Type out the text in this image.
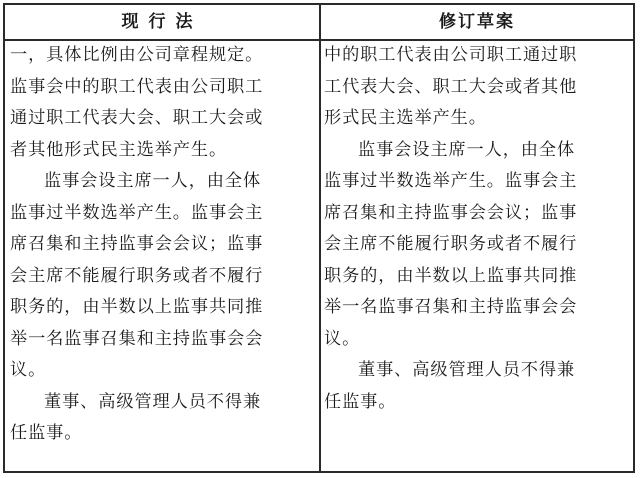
现行法	修订草案
一，具体比例由公司章程规定。
监事会中的职工代表由公司职工
通过职工代表大会、职工大会或
者其他形式民主选举产生。
监事会设主席一人，由全体
监事过半数选举产生。监事会主
席召集和主持监事会会议；监事
会主席不能履行职务或者不履行
职务的，由半数以上监事共同推
举一名监事召集和主持监事会会
议。
董事、高级管理人员不得兼
任监事。
中的职工代表由公司职工通过职
工代表大会、职工大会或者其他
形式民主选举产生。
监事会设主席一人，由全体
监事过半数选举产生。监事会主
席召集和主持监事会会议；监事
会主席不能履行职务或者不履行
职务的，由半数以上监事共同推
举一名监事召集和主持监事会会
议。
董事、高级管理人员不得兼
任监事。
